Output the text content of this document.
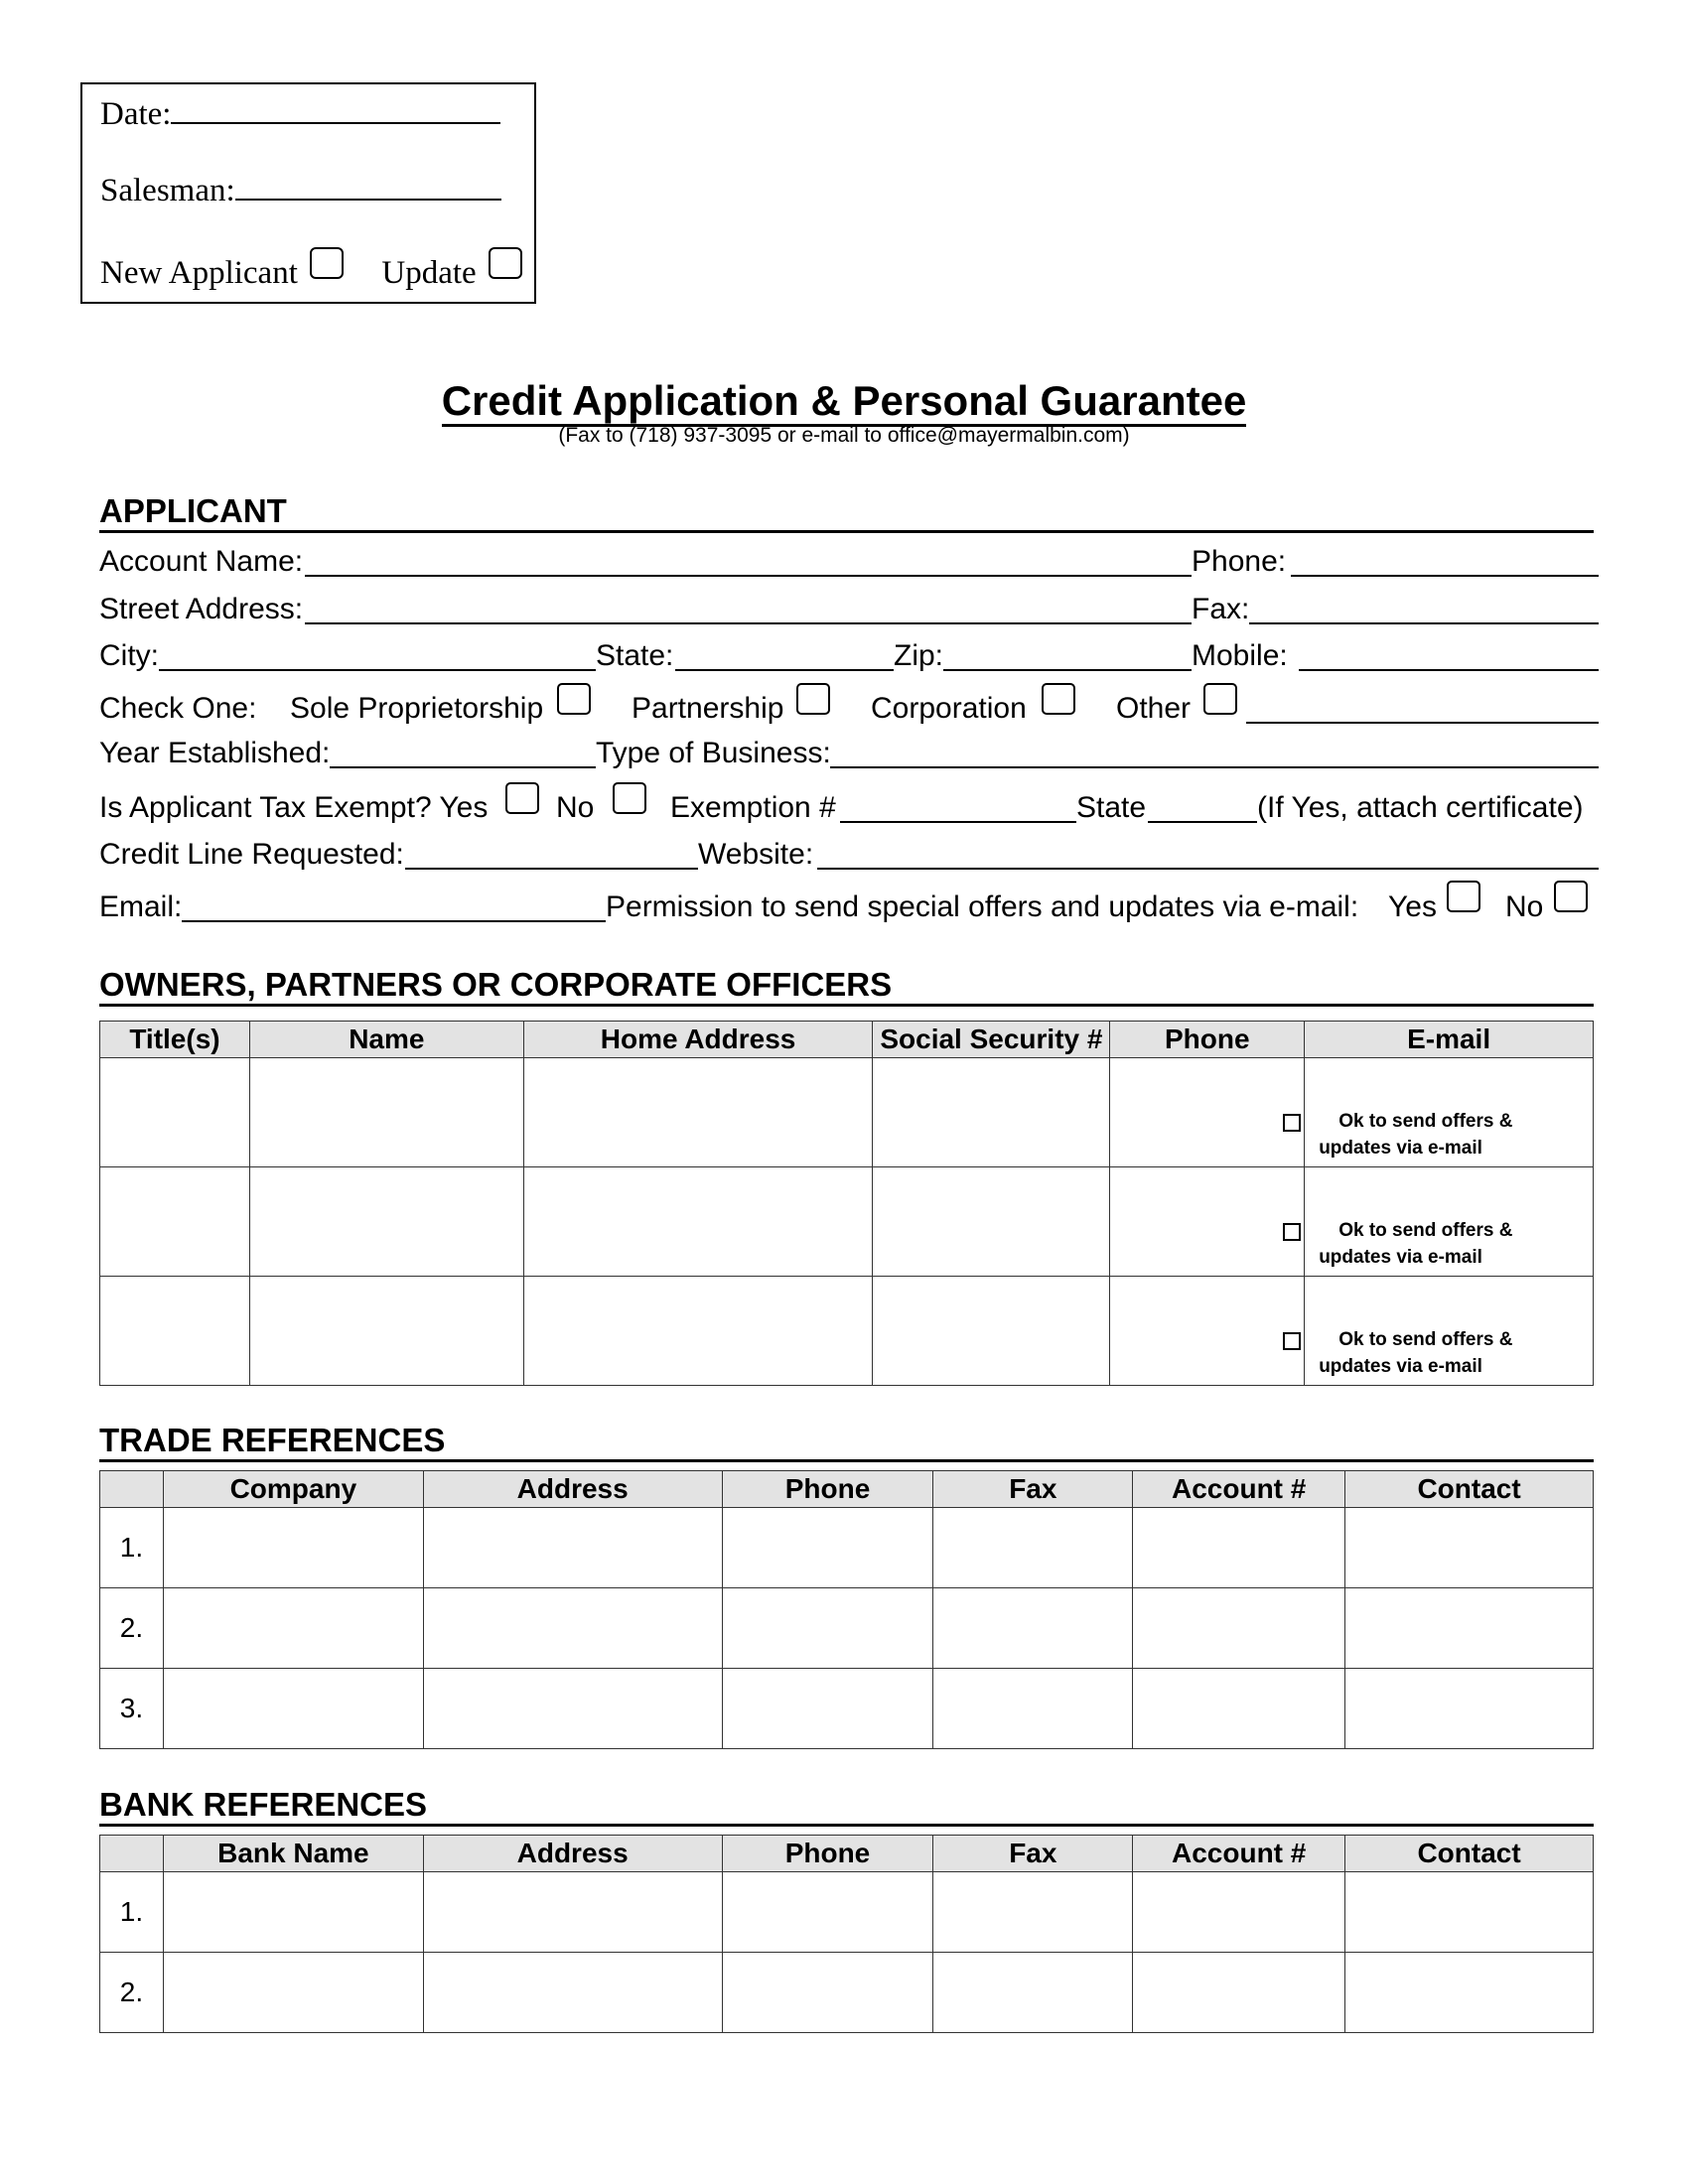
Date:
Salesman:
New Applicant	Update
Credit Application & Personal Guarantee
(Fax to (718) 937-3095 or e-mail to office@mayermalbin.com)
APPLICANT
Account Name:	Phone:
Street Address:	Fax:
City:	State:	Zip:	Mobile:
Check One: Sole Proprietorship	Partnership	Corporation	Other
Year Established:	Type of Business:
Is Applicant Tax Exempt? Yes No	Exemption #	State	(If Yes, attach certificate)
Credit Line Requested:	Website:
Email:	Permission to send special offers and updates via e-mail: Yes No
OWNERS, PARTNERS OR CORPORATE OFFICERS
Title(s)	Name	Home Address	Social Security #	Phone	E-mail

					Ok to send offers &
updates via e-mail

					Ok to send offers &
updates via e-mail

					Ok to send offers &
updates via e-mail
TRADE REFERENCES
	Company	Address	Phone	Fax	Account #	Contact
1.						
2.						
3.						
BANK REFERENCES
	Bank Name	Address	Phone	Fax	Account #	Contact
1.						
2.						
